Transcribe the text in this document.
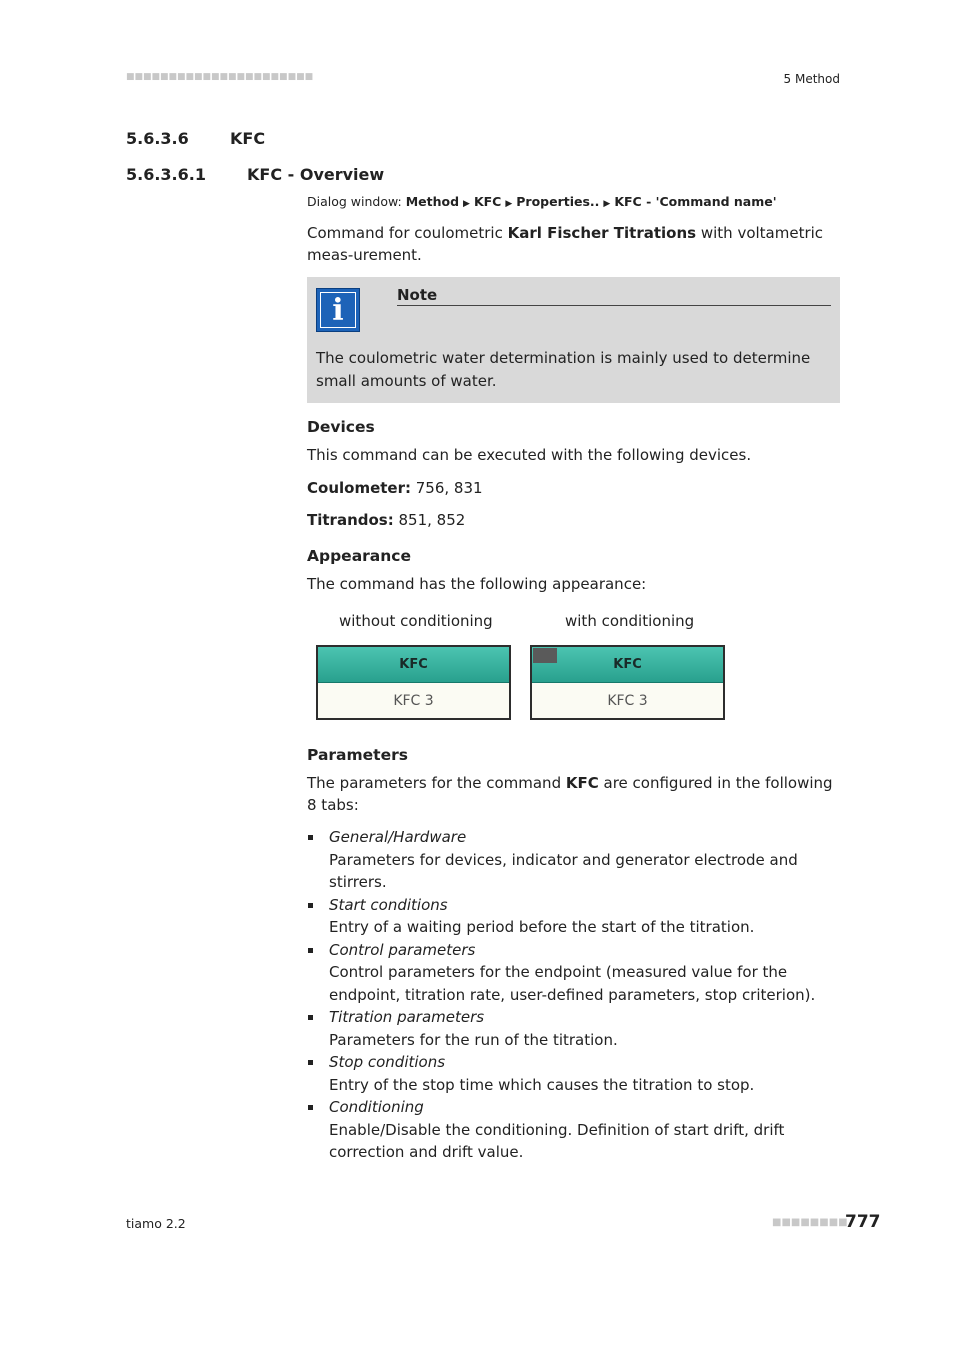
■■■■■■■■■■■■■■■■■■■■■■	5 Method
5.6.3.6	KFC
5.6.3.6.1	KFC - Overview
Dialog window: Method ▶ KFC ▶ Properties.. ▶ KFC - 'Command name'
Command for coulometric Karl Fischer Titrations with voltametric meas-urement.
i	Note
The coulometric water determination is mainly used to determine small amounts of water.
Devices
This command can be executed with the following devices.
Coulometer: 756, 831
Titrandos: 851, 852
Appearance
The command has the following appearance:
without conditioning	with conditioning
KFC
KFC 3
KFC
KFC 3
Parameters
The parameters for the command KFC are configured in the following 8 tabs:
General/Hardware
Parameters for devices, indicator and generator electrode and stirrers.
Start conditions
Entry of a waiting period before the start of the titration.
Control parameters
Control parameters for the endpoint (measured value for the endpoint, titration rate, user-defined parameters, stop criterion).
Titration parameters
Parameters for the run of the titration.
Stop conditions
Entry of the stop time which causes the titration to stop.
Conditioning
Enable/Disable the conditioning. Definition of start drift, drift correction and drift value.
tiamo 2.2	■■■■■■■■
777
